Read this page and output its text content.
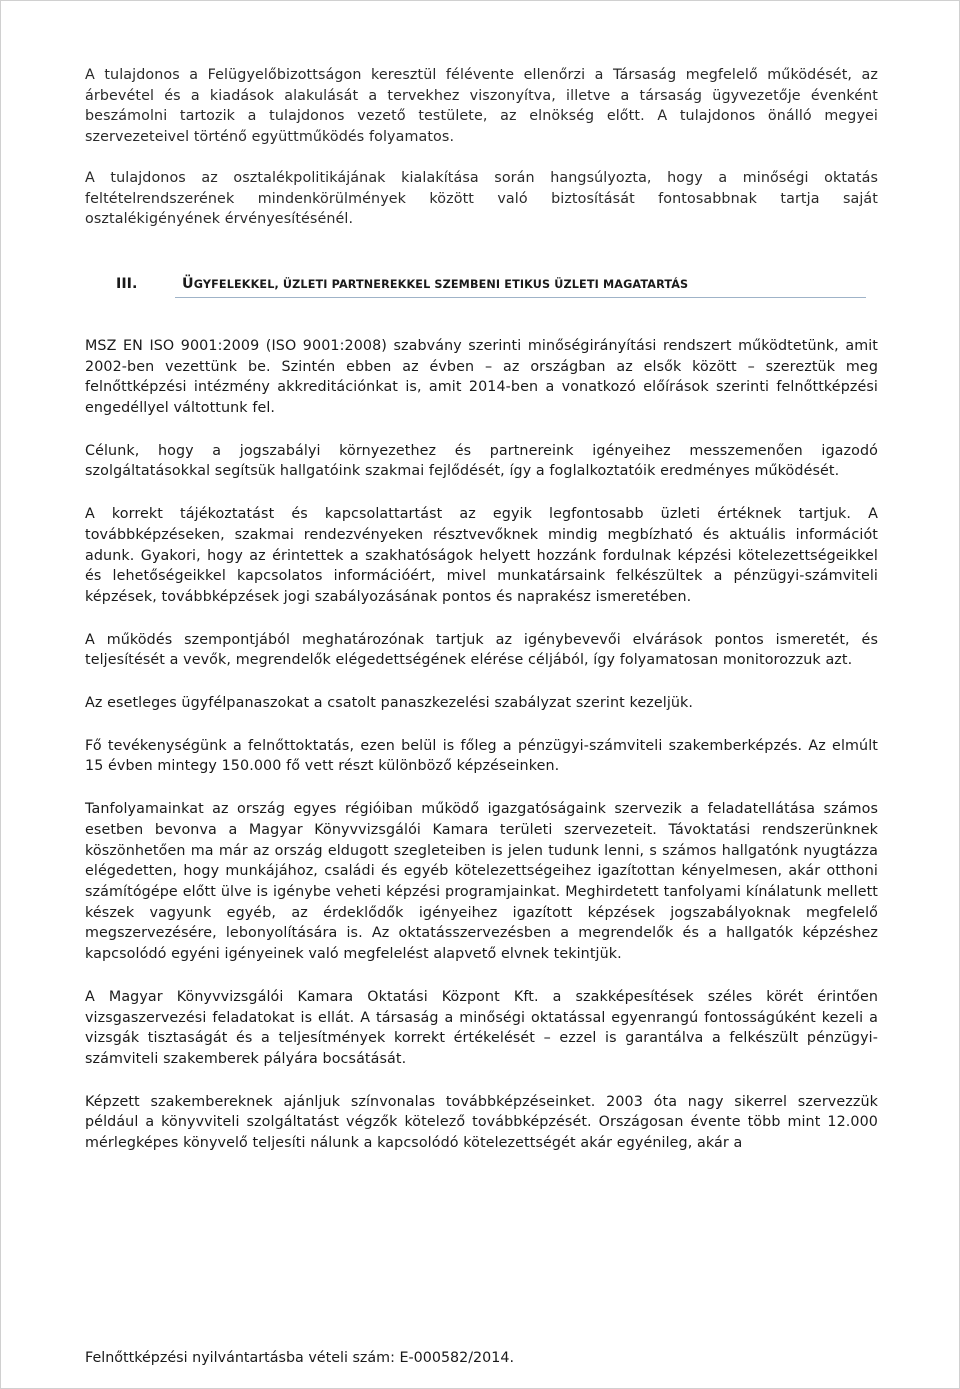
A tulajdonos a Felügyelőbizottságon keresztül félévente ellenőrzi a Társaság megfelelő működését, az árbevétel és a kiadások alakulását a tervekhez viszonyítva, illetve a társaság ügyvezetője évenként beszámolni tartozik a tulajdonos vezető testülete, az elnökség előtt. A tulajdonos önálló megyei szervezeteivel történő együttműködés folyamatos.

A tulajdonos az osztalékpolitikájának kialakítása során hangsúlyozta, hogy a minőségi oktatás feltételrendszerének mindenkörülmények között való biztosítását fontosabbnak tartja saját osztalékigényének érvényesítésénél.

III.	ÜGYFELEKKEL, ÜZLETI PARTNEREKKEL SZEMBENI ETIKUS ÜZLETI MAGATARTÁS

MSZ EN ISO 9001:2009 (ISO 9001:2008) szabvány szerinti minőségirányítási rendszert működtetünk, amit 2002-ben vezettünk be. Szintén ebben az évben – az országban az elsők között – szereztük meg felnőttképzési intézmény akkreditációnkat is, amit 2014-ben a vonatkozó előírások szerinti felnőttképzési engedéllyel váltottunk fel.

Célunk, hogy a jogszabályi környezethez és partnereink igényeihez messzemenően igazodó szolgáltatásokkal segítsük hallgatóink szakmai fejlődését, így a foglalkoztatóik eredményes működését.

A korrekt tájékoztatást és kapcsolattartást az egyik legfontosabb üzleti értéknek tartjuk. A továbbképzéseken, szakmai rendezvényeken résztvevőknek mindig megbízható és aktuális információt adunk. Gyakori, hogy az érintettek a szakhatóságok helyett hozzánk fordulnak képzési kötelezettségeikkel és lehetőségeikkel kapcsolatos információért, mivel munkatársaink felkészültek a pénzügyi-számviteli képzések, továbbképzések jogi szabályozásának pontos és naprakész ismeretében.

A működés szempontjából meghatározónak tartjuk az igénybevevői elvárások pontos ismeretét, és teljesítését a vevők, megrendelők elégedettségének elérése céljából, így folyamatosan monitorozzuk azt.

Az esetleges ügyfélpanaszokat a csatolt panaszkezelési szabályzat szerint kezeljük.

Fő tevékenységünk a felnőttoktatás, ezen belül is főleg a pénzügyi-számviteli szakemberképzés. Az elmúlt 15 évben mintegy 150.000 fő vett részt különböző képzéseinken.

Tanfolyamainkat az ország egyes régióiban működő igazgatóságaink szervezik a feladatellátása számos esetben bevonva a Magyar Könyvvizsgálói Kamara területi szervezeteit. Távoktatási rendszerünknek köszönhetően ma már az ország eldugott szegleteiben is jelen tudunk lenni, s számos hallgatónk nyugtázza elégedetten, hogy munkájához, családi és egyéb kötelezettségeihez igazítottan kényelmesen, akár otthoni számítógépe előtt ülve is igénybe veheti képzési programjainkat. Meghirdetett tanfolyami kínálatunk mellett készek vagyunk egyéb, az érdeklődők igényeihez igazított képzések jogszabályoknak megfelelő megszervezésére, lebonyolítására is. Az oktatásszervezésben a megrendelők és a hallgatók képzéshez kapcsolódó egyéni igényeinek való megfelelést alapvető elvnek tekintjük.

A Magyar Könyvvizsgálói Kamara Oktatási Központ Kft. a szakképesítések széles körét érintően vizsgaszervezési feladatokat is ellát. A társaság a minőségi oktatással egyenrangú fontosságúként kezeli a vizsgák tisztaságát és a teljesítmények korrekt értékelését – ezzel is garantálva a felkészült pénzügyi-számviteli szakemberek pályára bocsátását.

Képzett szakembereknek ajánljuk színvonalas továbbképzéseinket. 2003 óta nagy sikerrel szervezzük például a könyvviteli szolgáltatást végzők kötelező továbbképzését. Országosan évente több mint 12.000 mérlegképes könyvelő teljesíti nálunk a kapcsolódó kötelezettségét akár egyénileg, akár a

Felnőttképzési nyilvántartásba vételi szám: E-000582/2014.
